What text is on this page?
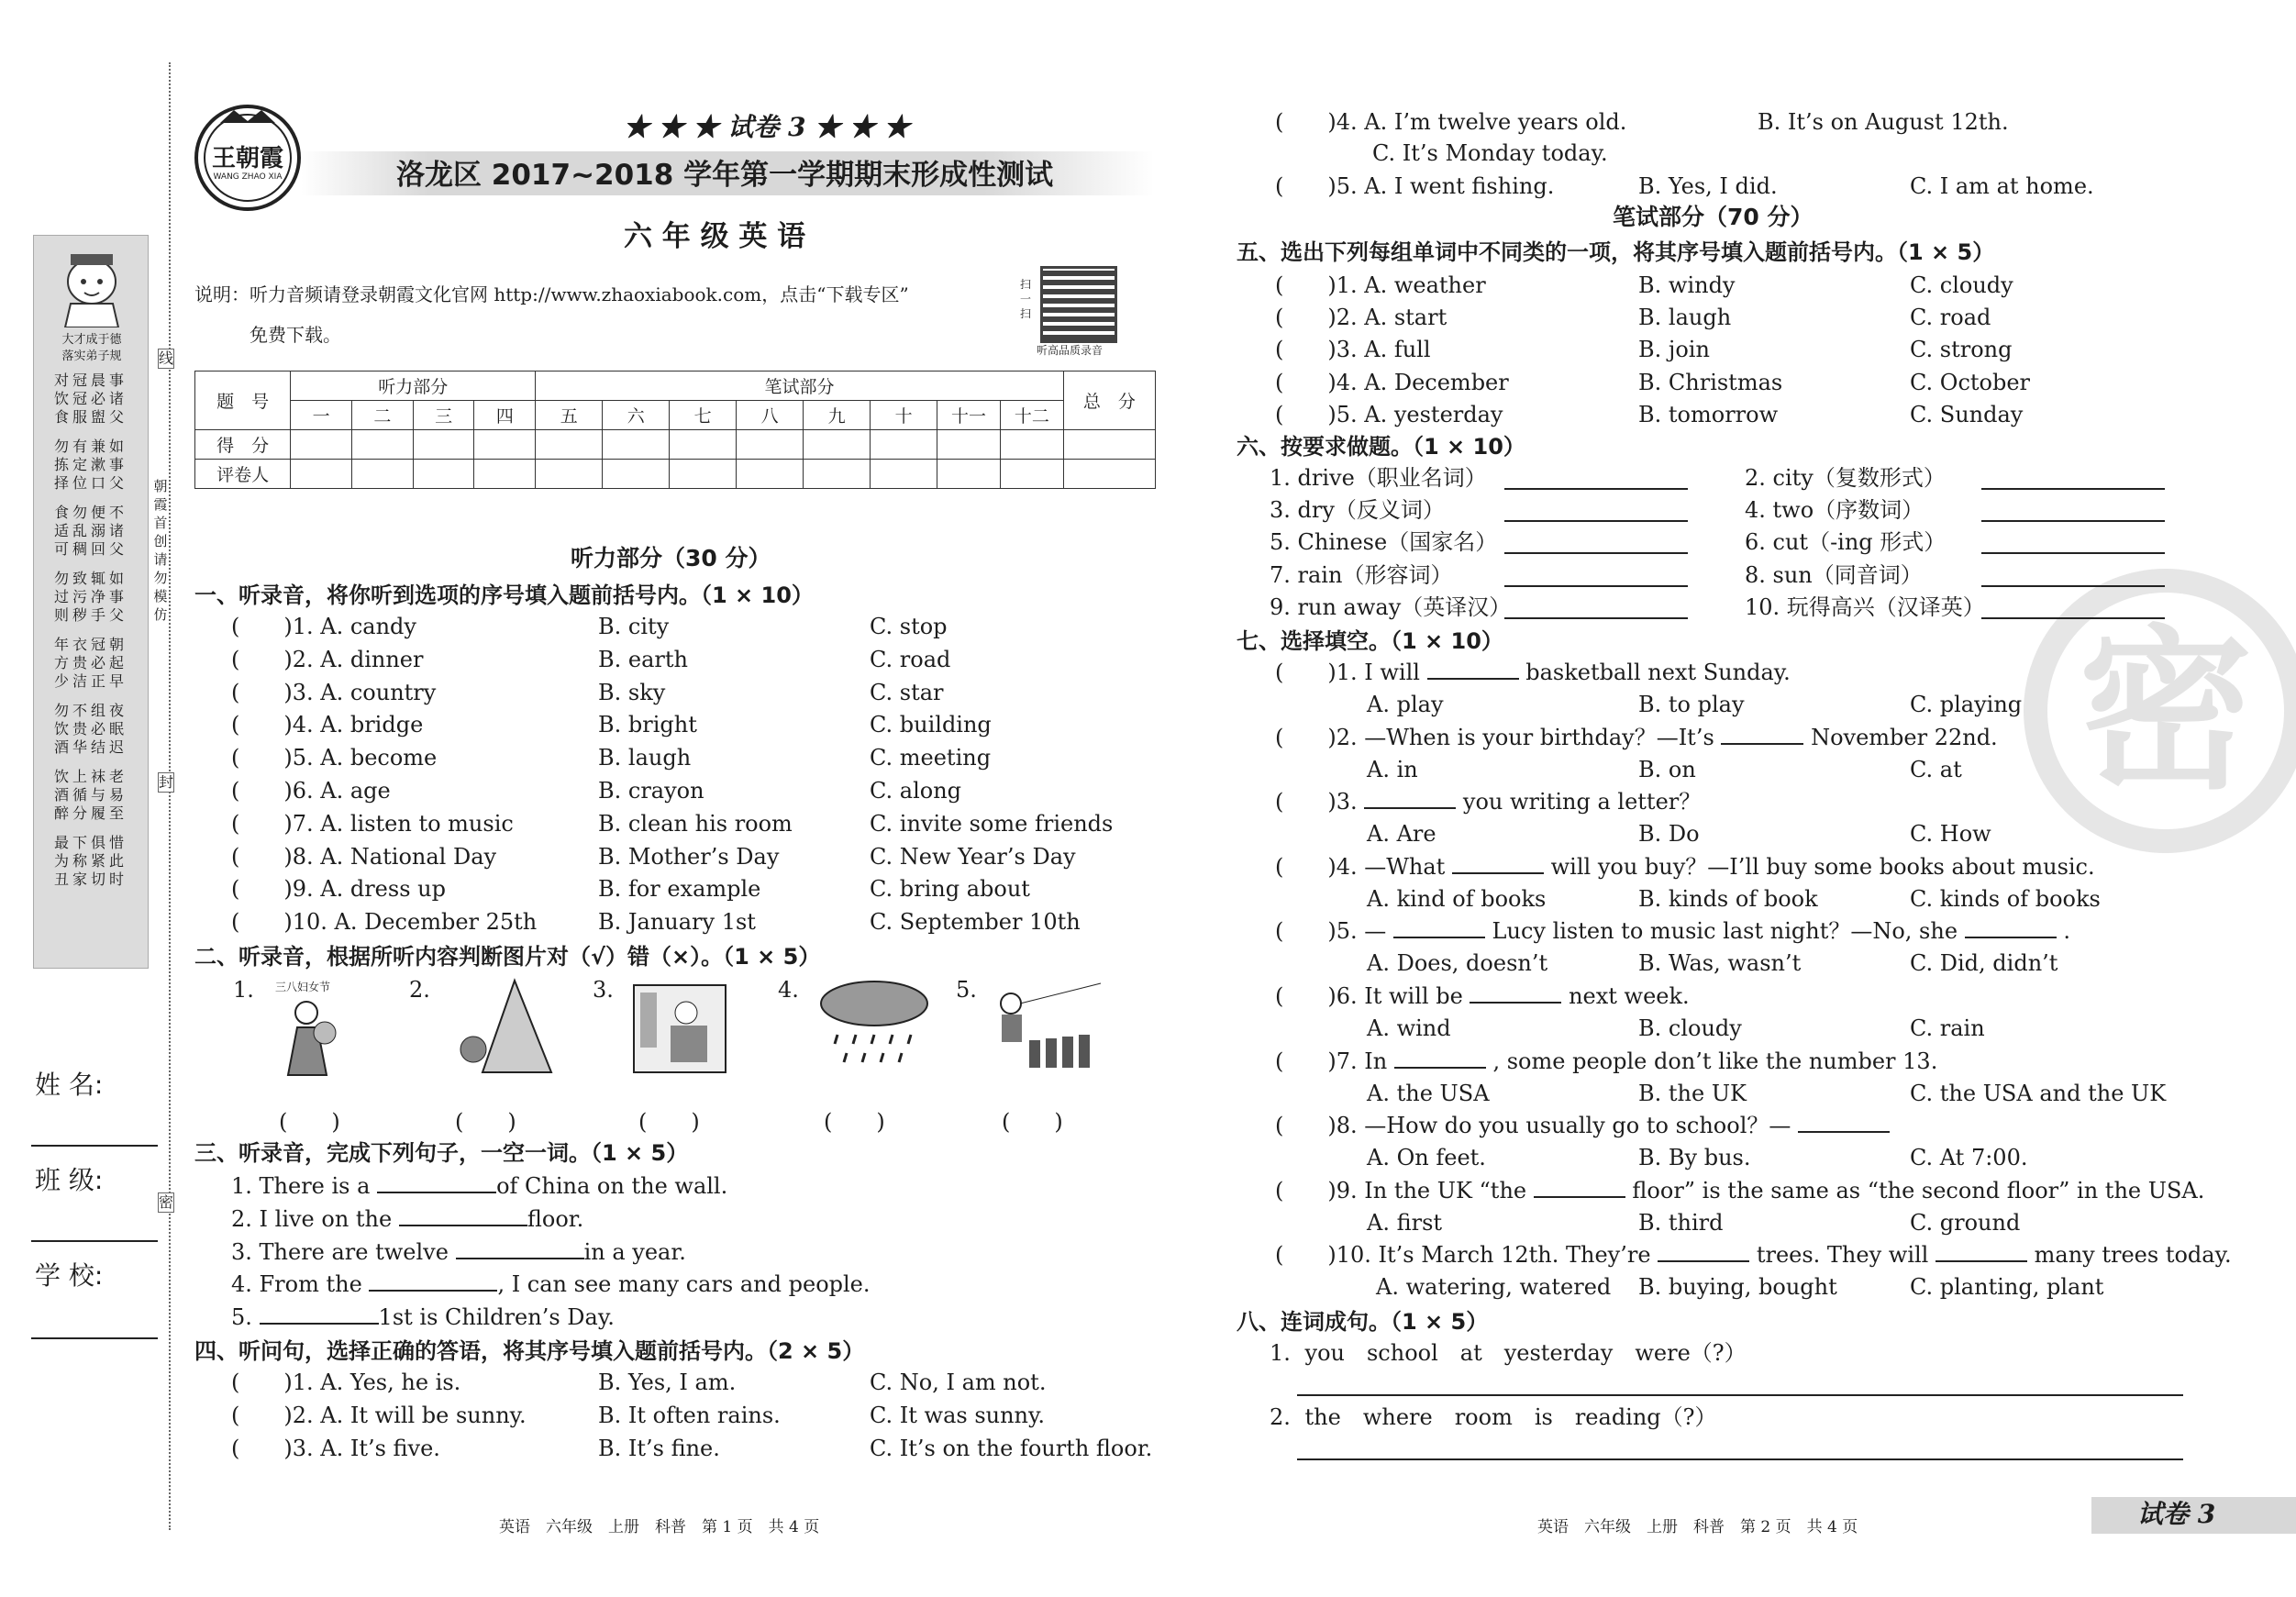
大才成于德
落实弟子规
对冠晨事
饮冠必诸
食服盥父
勿有兼如
拣定漱事
择位口父
食勿便不
适乱溺诸
可稠回父
勿致辄如
过污净事
则秽手父
年衣冠朝
方贵必起
少洁正早
勿不组夜
饮贵必眠
酒华结迟
饮上袜老
酒循与易
醉分履至
最下俱惜
为称紧此
丑家切时
姓 名:
班 级:
学 校:
线
封
密
朝霞首创 请勿模仿
王朝霞
WANG ZHAO XIA
★ ★ ★ 试卷 3 ★ ★ ★
洛龙区 2017~2018 学年第一学期期末形成性测试
六 年 级 英 语
说明：听力音频请登录朝霞文化官网 http://www.zhaoxiabook.com，点击“下载专区”
免费下载。
扫一扫
听高品质录音
题　号	听力部分				笔试部分								总　分
	一	二	三	四	五	六	七	八	九	十	十一	十二	
得　分													
评卷人													
听力部分（30 分）
一、听录音，将你听到选项的序号填入题前括号内。（1 × 10）
(　　)1. A. candy	B. city	C. stop
(　　)2. A. dinner	B. earth	C. road
(　　)3. A. country	B. sky	C. star
(　　)4. A. bridge	B. bright	C. building
(　　)5. A. become	B. laugh	C. meeting
(　　)6. A. age	B. crayon	C. along
(　　)7. A. listen to music	B. clean his room	C. invite some friends
(　　)8. A. National Day	B. Mother’s Day	C. New Year’s Day
(　　)9. A. dress up	B. for example	C. bring about
(　　)10. A. December 25th	B. January 1st	C. September 10th
二、听录音，根据所听内容判断图片对（√）错（×）。（1 × 5）
1.
(　　)
2.
(　　)
3.
(　　)
4.
(　　)
5.
(　　)
三八妇女节
三、听录音，完成下列句子，一空一词。（1 × 5）
1. There is a	of China on the wall.
2. I live on the	floor.
3. There are twelve	in a year.
4. From the	, I can see many cars and people.
5.	1st is Children’s Day.
四、听问句，选择正确的答语，将其序号填入题前括号内。（2 × 5）
(　　)1. A. Yes, he is.	B. Yes, I am.	C. No, I am not.
(　　)2. A. It will be sunny.	B. It often rains.	C. It was sunny.
(　　)3. A. It’s five.	B. It’s fine.	C. It’s on the fourth floor.
(　　)4. A. I’m twelve years old.	B. It’s on August 12th.
C. It’s Monday today.
(　　)5. A. I went fishing.	B. Yes, I did.	C. I am at home.
英语　六年级　上册　科普　第 1 页　共 4 页
密
笔试部分（70 分）
五、选出下列每组单词中不同类的一项，将其序号填入题前括号内。（1 × 5）
(　　)1. A. weather	B. windy	C. cloudy
(　　)2. A. start	B. laugh	C. road
(　　)3. A. full	B. join	C. strong
(　　)4. A. December	B. Christmas	C. October
(　　)5. A. yesterday	B. tomorrow	C. Sunday
六、按要求做题。（1 × 10）
1. drive（职业名词）	2. city（复数形式）
3. dry（反义词）	4. two（序数词）
5. Chinese（国家名）	6. cut（-ing 形式）
7. rain（形容词）	8. sun（同音词）
9. run away（英译汉）	10. 玩得高兴（汉译英）
七、选择填空。（1 × 10）
(　　)1. I will	basketball next Sunday.
A. play	B. to play	C. playing
(　　)2. —When is your birthday？—It’s	November 22nd.
A. in	B. on	C. at
(　　)3.	you writing a letter？
A. Are	B. Do	C. How
(　　)4. —What	will you buy？—I’ll buy some books about music.
A. kind of books	B. kinds of book	C. kinds of books
(　　)5. —	Lucy listen to music last night？—No, she	.
A. Does, doesn’t	B. Was, wasn’t	C. Did, didn’t
(　　)6. It will be	next week.
A. wind	B. cloudy	C. rain
(　　)7. In	, some people don’t like the number 13.
A. the USA	B. the UK	C. the USA and the UK
(　　)8. —How do you usually go to school？—
A. On feet.	B. By bus.	C. At 7:00.
(　　)9. In the UK “the	floor” is the same as “the second floor” in the USA.
A. first	B. third	C. ground
(　　)10. It’s March 12th. They’re	trees. They will	many trees today.
A. watering, watered B. buying, bought	C. planting, plant
八、连词成句。（1 × 5）
1. you　school　at　yesterday　were（?）
2. the　where　room　is　reading（?）
英语　六年级　上册　科普　第 2 页　共 4 页	试卷 3
